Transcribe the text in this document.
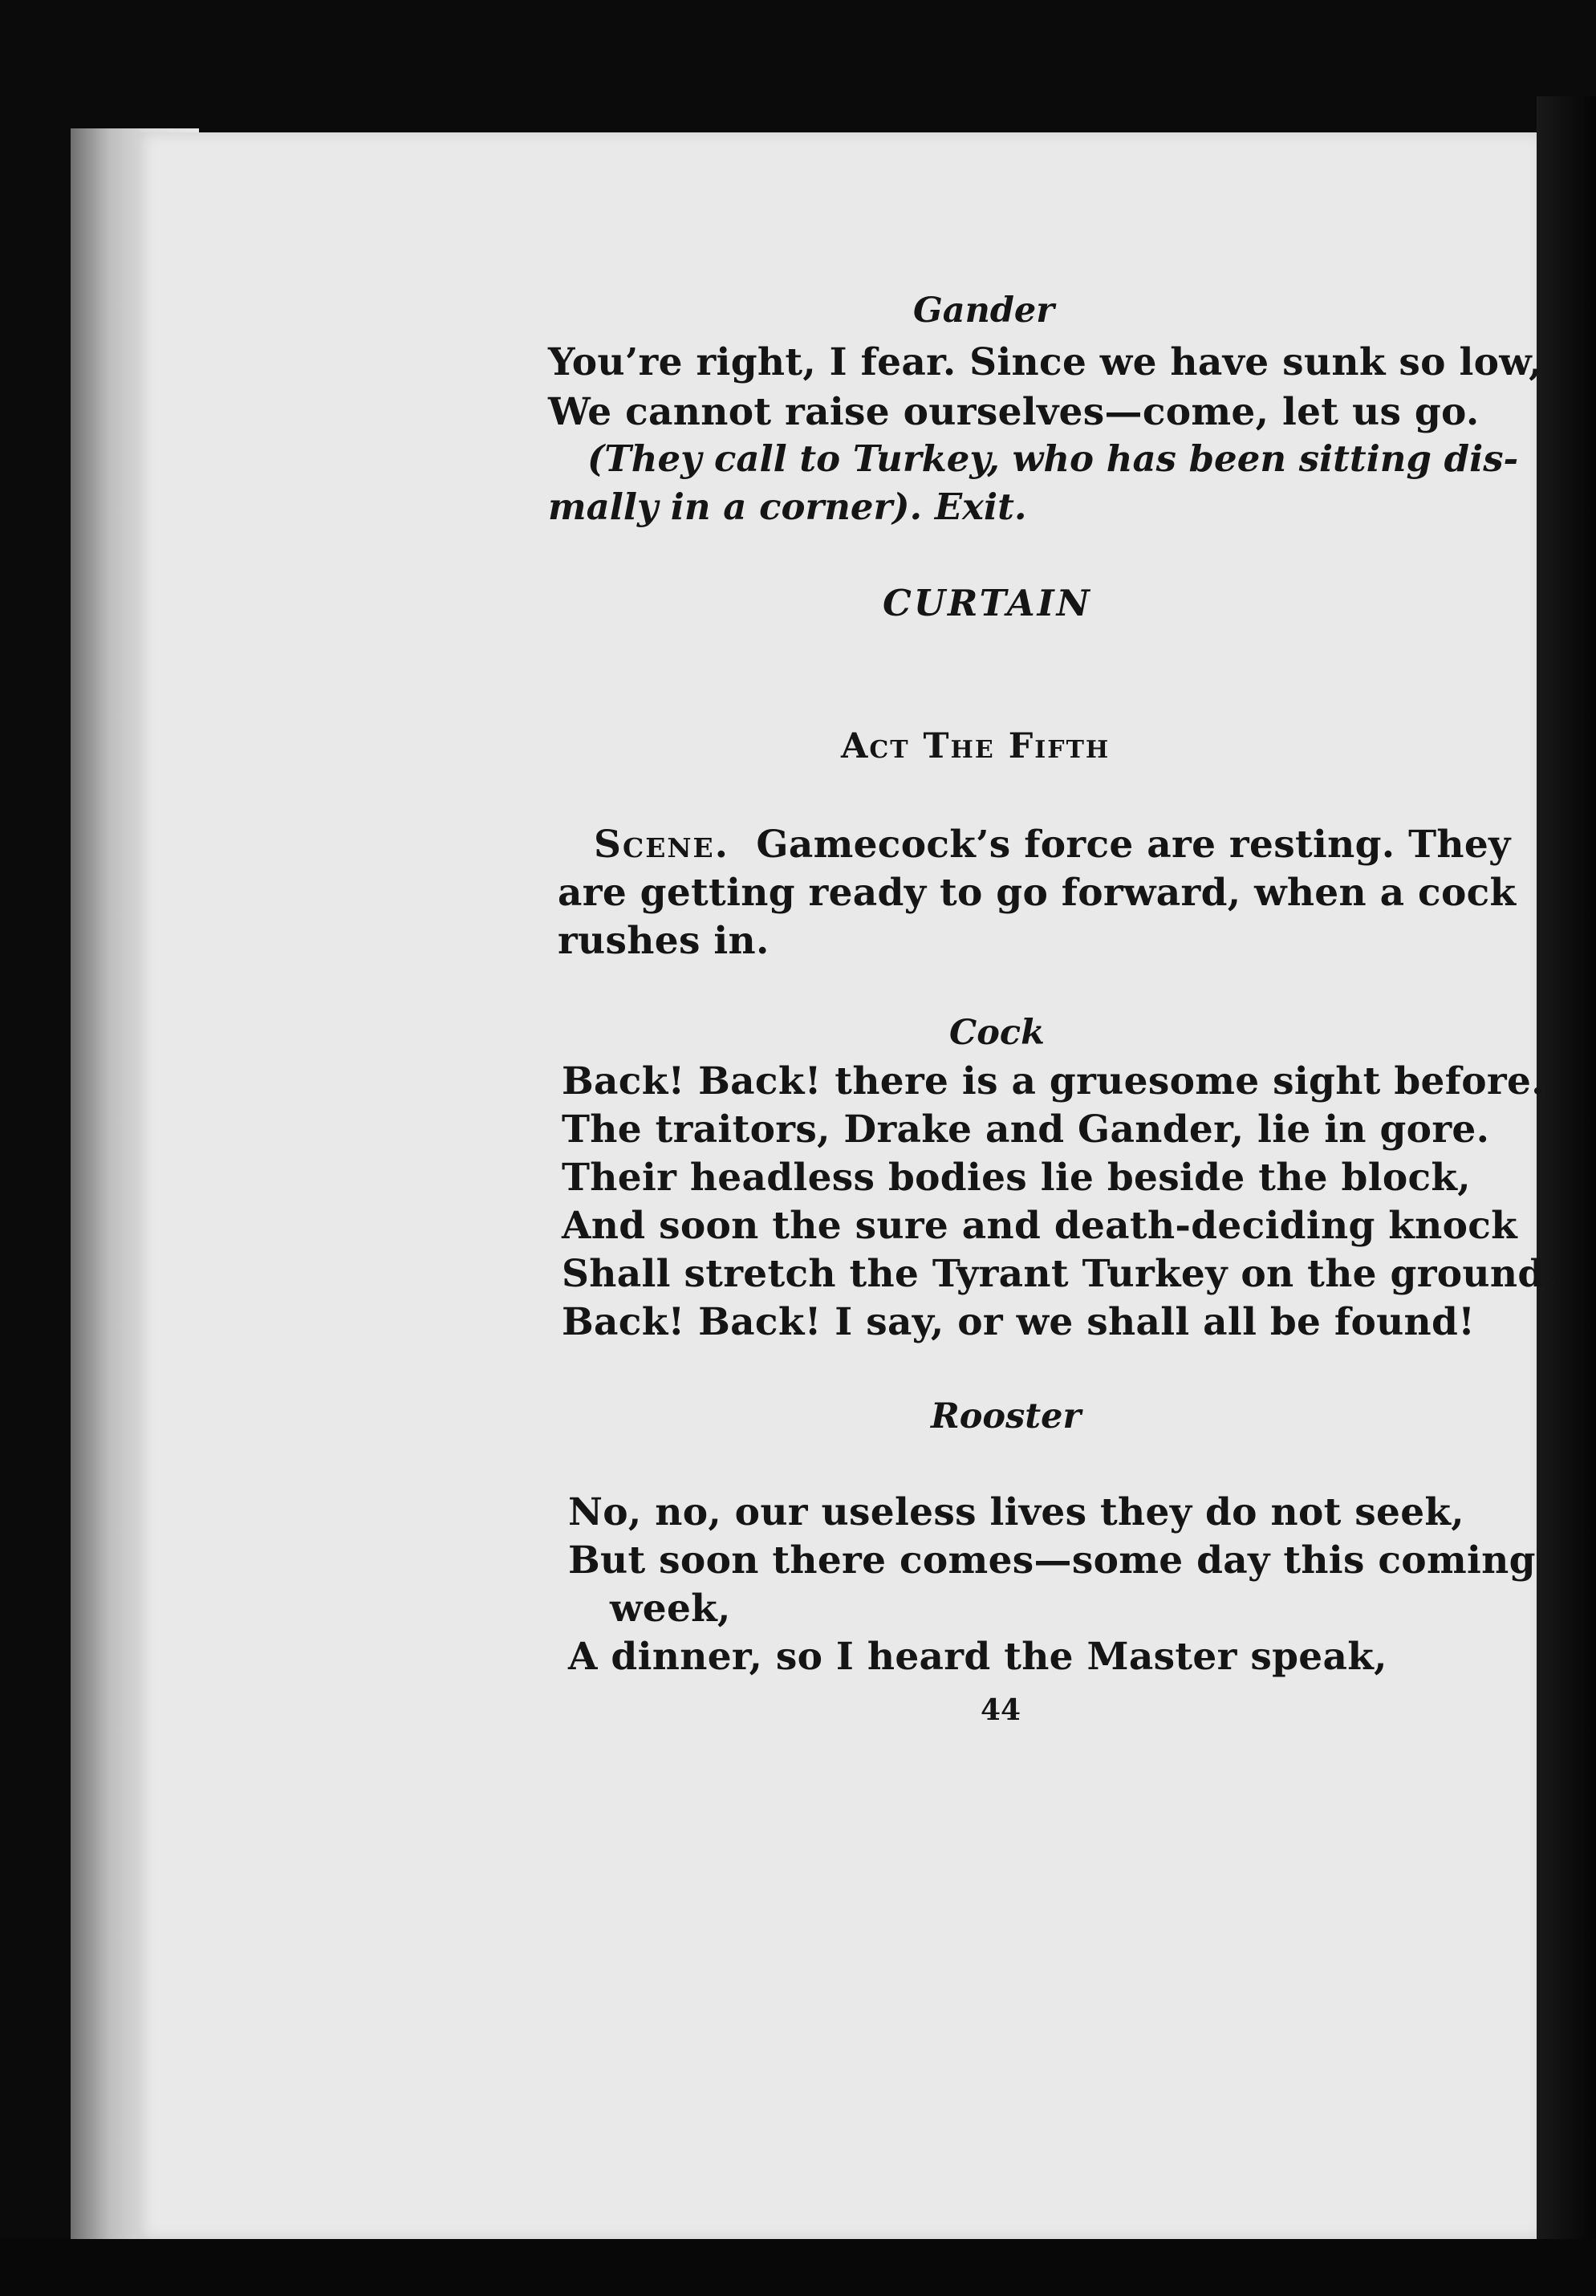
Gander
You’re right, I fear. Since we have sunk so low,
We cannot raise ourselves—come, let us go.
(They call to Turkey, who has been sitting dis-
mally in a corner). Exit.
CURTAIN
Act The Fifth
Scene. Gamecock’s force are resting. They
are getting ready to go forward, when a cock
rushes in.
Cock
Back! Back! there is a gruesome sight before.
The traitors, Drake and Gander, lie in gore.
Their headless bodies lie beside the block,
And soon the sure and death-deciding knock
Shall stretch the Tyrant Turkey on the ground.
Back! Back! I say, or we shall all be found!
Rooster
No, no, our useless lives they do not seek,
But soon there comes—some day this coming
week,
A dinner, so I heard the Master speak,
44
